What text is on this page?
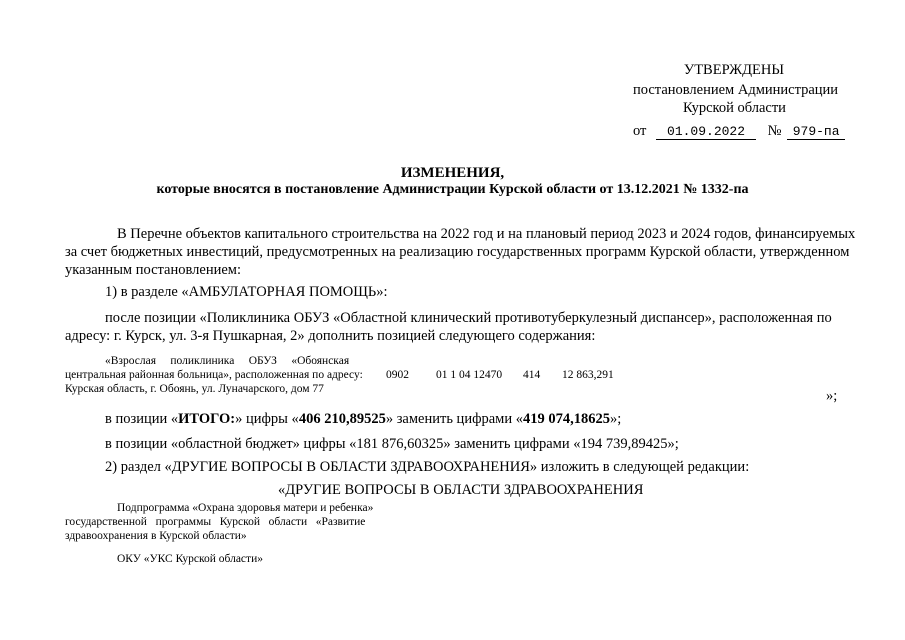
УТВЕРЖДЕНЫ
постановлением Администрации
Курской области
от 01.09.2022 № 979-па
ИЗМЕНЕНИЯ,
которые вносятся в постановление Администрации Курской области от 13.12.2021 № 1332-па
В Перечне объектов капитального строительства на 2022 год и на плановый период 2023 и 2024 годов, финансируемых
за счет бюджетных инвестиций, предусмотренных на реализацию государственных программ Курской области, утвержденном
указанным постановлением:
1) в разделе «АМБУЛАТОРНАЯ ПОМОЩЬ»:
после позиции «Поликлиника ОБУЗ «Областной клинический противотуберкулезный диспансер», расположенная по
адресу: г. Курск, ул. 3-я Пушкарная, 2» дополнить позицией следующего содержания:
«Взрослая     поликлиника     ОБУЗ     «Обоянская
центральная районная больница», расположенная по адресу:
Курская область, г. Обоянь, ул. Луначарского, дом 77
0902 01 1 04 12470 414 12 863,291
»;
в позиции «ИТОГО:» цифры «406 210,89525» заменить цифрами «419 074,18625»;
в позиции «областной бюджет» цифры «181 876,60325» заменить цифрами «194 739,89425»;
2) раздел «ДРУГИЕ ВОПРОСЫ В ОБЛАСТИ ЗДРАВООХРАНЕНИЯ» изложить в следующей редакции:
«ДРУГИЕ ВОПРОСЫ В ОБЛАСТИ ЗДРАВООХРАНЕНИЯ
Подпрограмма «Охрана здоровья матери и ребенка»
государственной   программы   Курской   области   «Развитие
здравоохранения в Курской области»
ОКУ «УКС Курской области»
